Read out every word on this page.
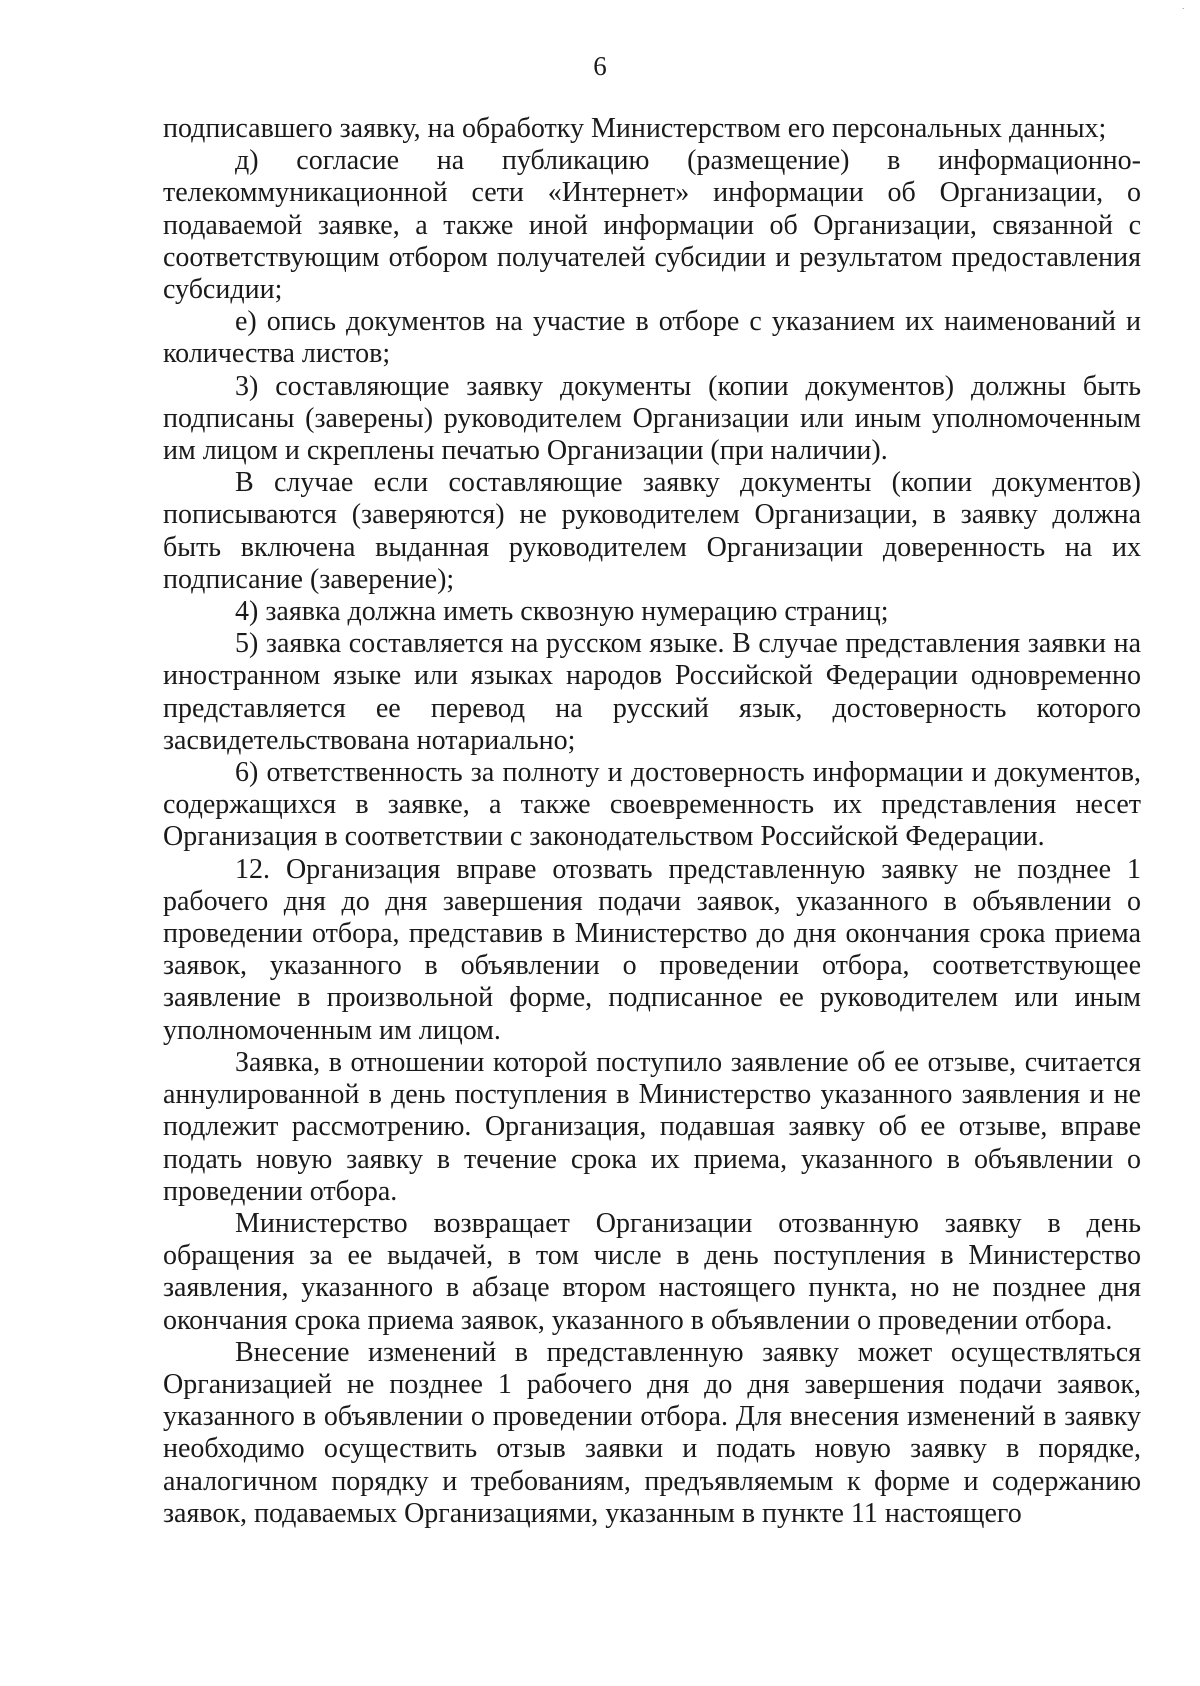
˙
6

подписавшего заявку, на обработку Министерством его персональных данных;

д) согласие на публикацию (размещение) в информационно-телекоммуникационной сети «Интернет» информации об Организации, о подаваемой заявке, а также иной информации об Организации, связанной с соответствующим отбором получателей субсидии и результатом предоставления субсидии;

е) опись документов на участие в отборе с указанием их наименований и количества листов;

3) составляющие заявку документы (копии документов) должны быть подписаны (заверены) руководителем Организации или иным уполномоченным им лицом и скреплены печатью Организации (при наличии).

В случае если составляющие заявку документы (копии документов) пописываются (заверяются) не руководителем Организации, в заявку должна быть включена выданная руководителем Организации доверенность на их подписание (заверение);

4) заявка должна иметь сквозную нумерацию страниц;

5) заявка составляется на русском языке. В случае представления заявки на иностранном языке или языках народов Российской Федерации одновременно представляется ее перевод на русский язык, достоверность которого засвидетельствована нотариально;

6) ответственность за полноту и достоверность информации и документов, содержащихся в заявке, а также своевременность их представления несет Организация в соответствии с законодательством Российской Федерации.

12. Организация вправе отозвать представленную заявку не позднее 1 рабочего дня до дня завершения подачи заявок, указанного в объявлении о проведении отбора, представив в Министерство до дня окончания срока приема заявок, указанного в объявлении о проведении отбора, соответствующее заявление в произвольной форме, подписанное ее руководителем или иным уполномоченным им лицом.

Заявка, в отношении которой поступило заявление об ее отзыве, считается аннулированной в день поступления в Министерство указанного заявления и не подлежит рассмотрению. Организация, подавшая заявку об ее отзыве, вправе подать новую заявку в течение срока их приема, указанного в объявлении о проведении отбора.

Министерство возвращает Организации отозванную заявку в день обращения за ее выдачей, в том числе в день поступления в Министерство заявления, указанного в абзаце втором настоящего пункта, но не позднее дня окончания срока приема заявок, указанного в объявлении о проведении отбора.

Внесение изменений в представленную заявку может осуществляться Организацией не позднее 1 рабочего дня до дня завершения подачи заявок, указанного в объявлении о проведении отбора. Для внесения изменений в заявку необходимо осуществить отзыв заявки и подать новую заявку в порядке, аналогичном порядку и требованиям, предъявляемым к форме и содержанию заявок, подаваемых Организациями, указанным в пункте 11 настоящего
